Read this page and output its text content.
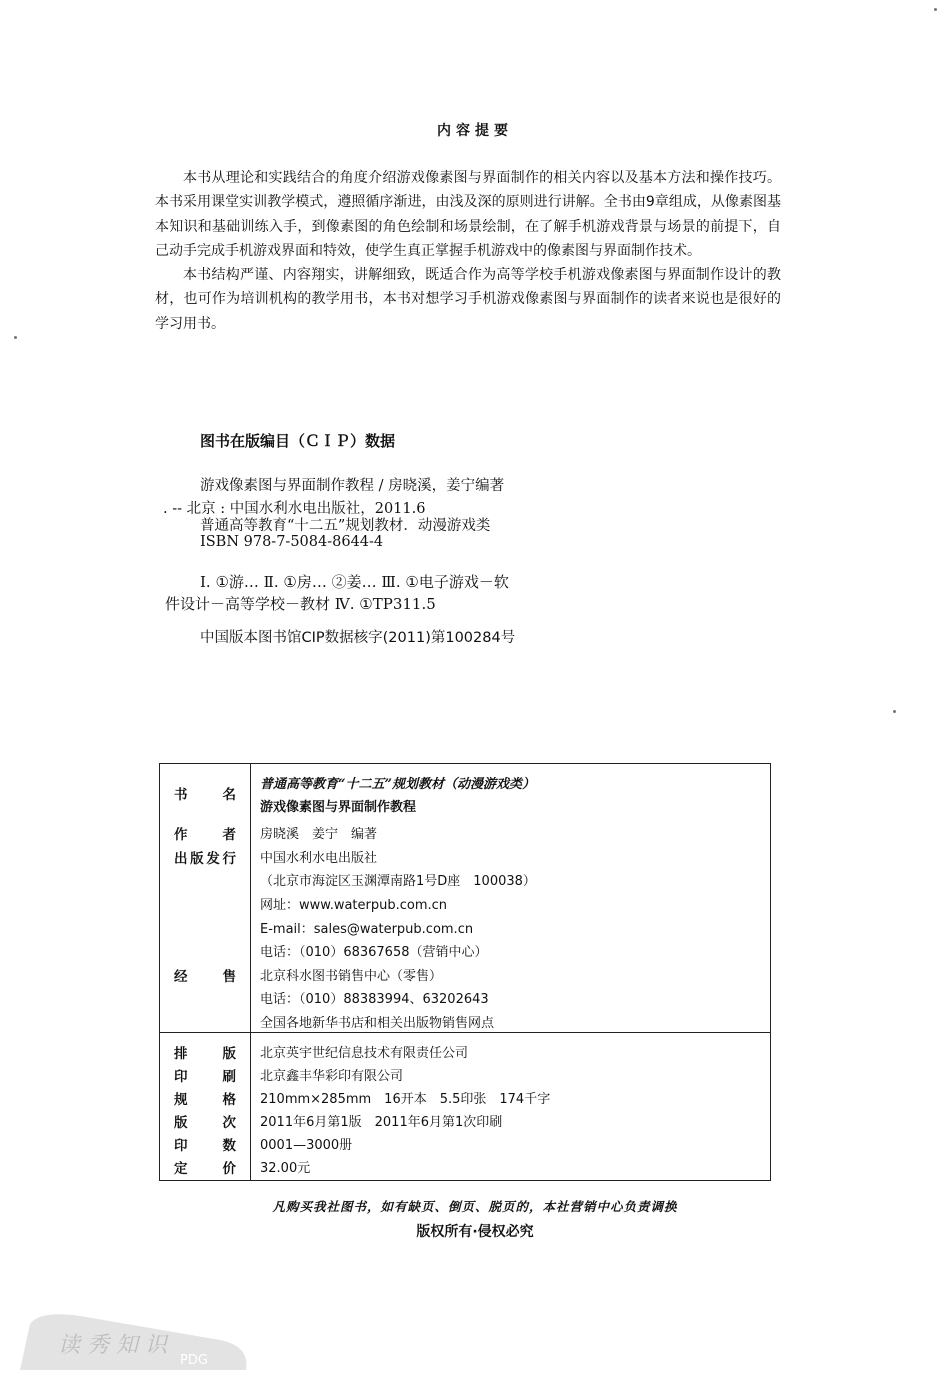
内容提要

本书从理论和实践结合的角度介绍游戏像素图与界面制作的相关内容以及基本方法和操作技巧。本书采用课堂实训教学模式，遵照循序渐进，由浅及深的原则进行讲解。全书由9章组成，从像素图基本知识和基础训练入手，到像素图的角色绘制和场景绘制，在了解手机游戏背景与场景的前提下，自己动手完成手机游戏界面和特效，使学生真正掌握手机游戏中的像素图与界面制作技术。

本书结构严谨、内容翔实，讲解细致，既适合作为高等学校手机游戏像素图与界面制作设计的教材，也可作为培训机构的教学用书，本书对想学习手机游戏像素图与界面制作的读者来说也是很好的学习用书。

图书在版编目（ＣＩＰ）数据
游戏像素图与界面制作教程 / 房晓溪，姜宁编著
. -- 北京 : 中国水利水电出版社，2011.6
普通高等教育“十二五”规划教材．动漫游戏类
ISBN 978-7-5084-8644-4
Ⅰ. ①游… Ⅱ. ①房… ②姜… Ⅲ. ①电子游戏－软
件设计－高等学校－教材 Ⅳ. ①TP311.5
中国版本图书馆CIP数据核字(2011)第100284号
书名
普通高等教育“十二五”规划教材（动漫游戏类）
游戏像素图与界面制作教程
作者 房晓溪　姜宁　编著
出版发行 中国水利水电出版社
（北京市海淀区玉渊潭南路1号D座　100038）
网址：www.waterpub.com.cn
E-mail：sales@waterpub.com.cn
电话：（010）68367658（营销中心）
经售 北京科水图书销售中心（零售）
电话：（010）88383994、63202643
全国各地新华书店和相关出版物销售网点
排版 北京英宇世纪信息技术有限责任公司
印刷 北京鑫丰华彩印有限公司
规格 210mm×285mm　16开本　5.5印张　174千字
版次 2011年6月第1版　2011年6月第1次印刷
印数 0001—3000册
定价 32.00元
凡购买我社图书，如有缺页、倒页、脱页的，本社营销中心负责调换
版权所有·侵权必究
读 秀 知 识
PDG
